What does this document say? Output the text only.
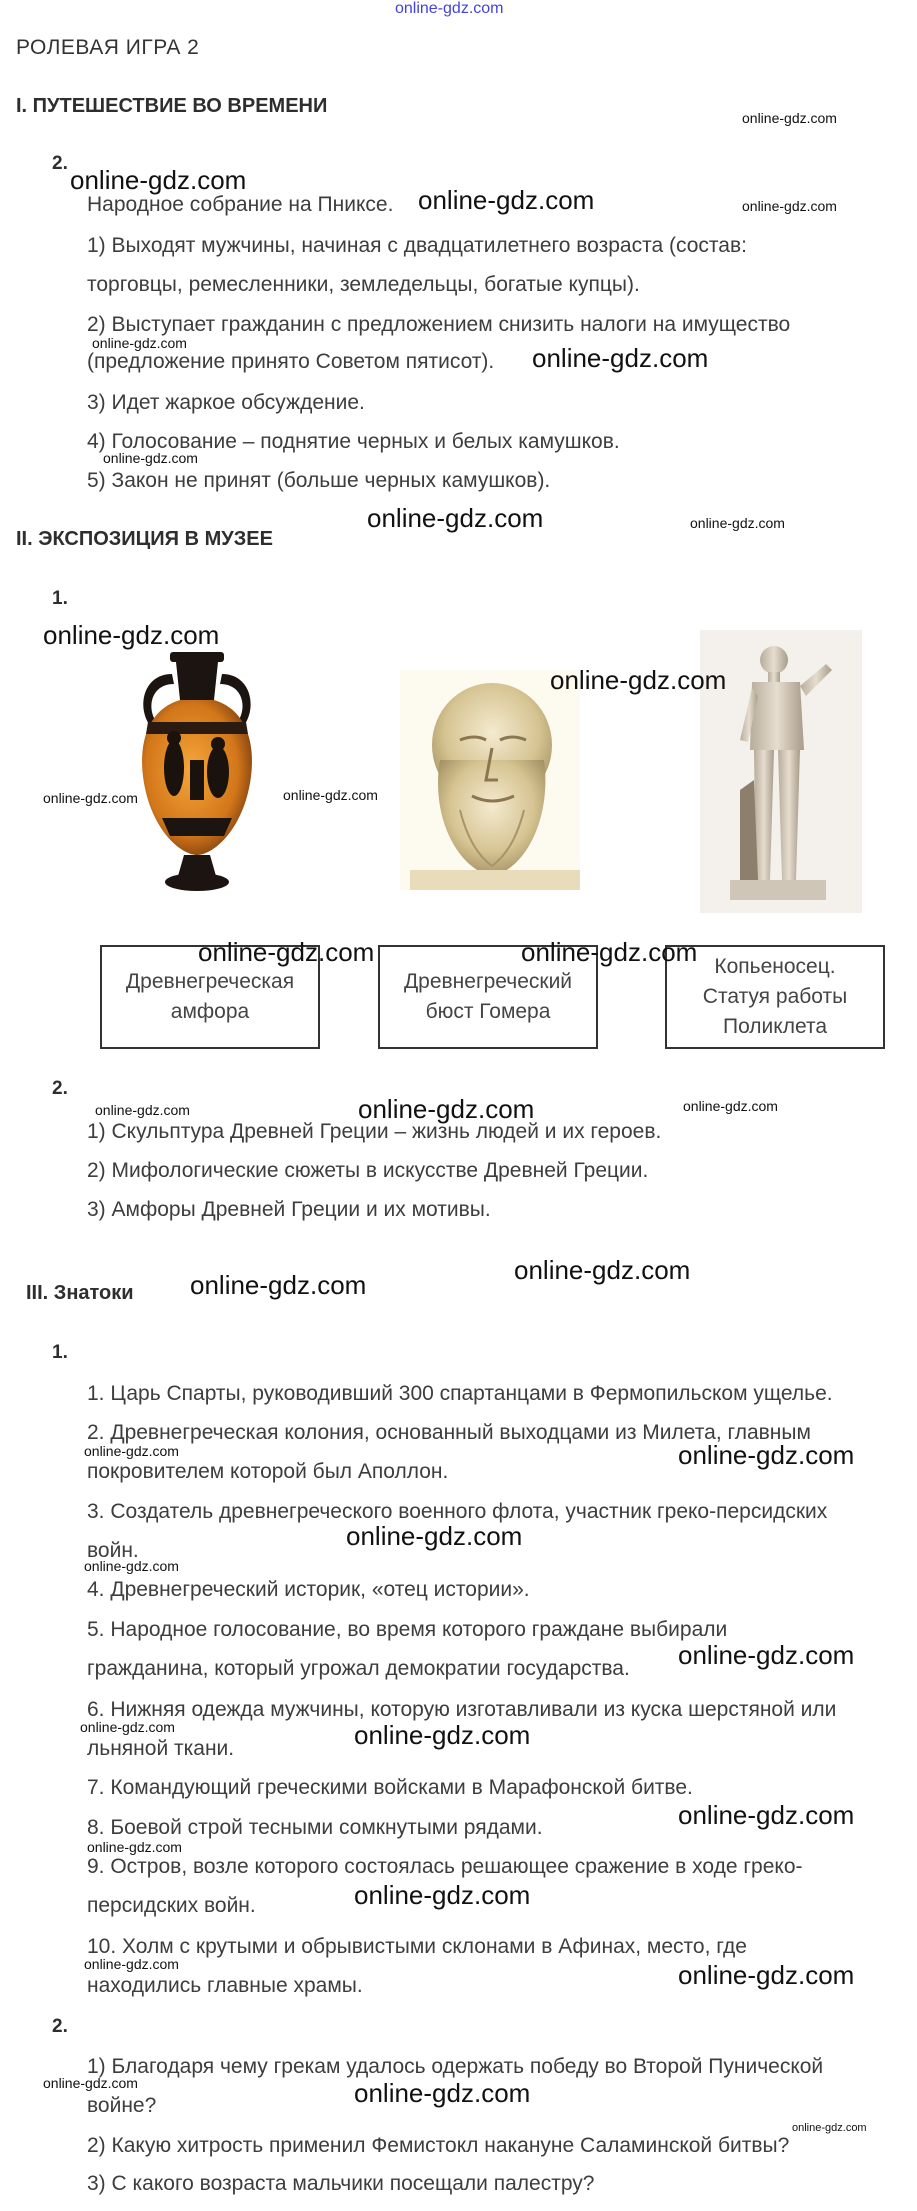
online-gdz.com
РОЛЕВАЯ ИГРА 2
I. ПУТЕШЕСТВИЕ ВО ВРЕМЕНИ
2.
Народное собрание на Пниксе.
1) Выходят мужчины, начиная с двадцатилетнего возраста (состав:
торговцы, ремесленники, земледельцы, богатые купцы).
2) Выступает гражданин с предложением снизить налоги на имущество
(предложение принято Советом пятисот).
3) Идет жаркое обсуждение.
4) Голосование – поднятие черных и белых камушков.
5) Закон не принят (больше черных камушков).
II. ЭКСПОЗИЦИЯ В МУЗЕЕ
1.
Древнегреческая
амфора
Древнегреческий
бюст Гомера
Копьеносец.
Статуя работы
Поликлета
2.
1) Скульптура Древней Греции – жизнь людей и их героев.
2) Мифологические сюжеты в искусстве Древней Греции.
3) Амфоры Древней Греции и их мотивы.
III. Знатоки
1.
1. Царь Спарты, руководивший 300 спартанцами в Фермопильском ущелье.
2. Древнегреческая колония, основанный выходцами из Милета, главным
покровителем которой был Аполлон.
3. Создатель древнегреческого военного флота, участник греко-персидских
войн.
4. Древнегреческий историк, «отец истории».
5. Народное голосование, во время которого граждане выбирали
гражданина, который угрожал демократии государства.
6. Нижняя одежда мужчины, которую изготавливали из куска шерстяной или
льняной ткани.
7. Командующий греческими войсками в Марафонской битве.
8. Боевой строй тесными сомкнутыми рядами.
9. Остров, возле которого состоялась решающее сражение в ходе греко-
персидских войн.
10. Холм с крутыми и обрывистыми склонами в Афинах, место, где
находились главные храмы.
2.
1) Благодаря чему грекам удалось одержать победу во Второй Пунической
войне?
2) Какую хитрость применил Фемистокл накануне Саламинской битвы?
3) С какого возраста мальчики посещали палестру?
online-gdz.com
online-gdz.com
online-gdz.com	online-gdz.com
online-gdz.com	online-gdz.com
online-gdz.com
online-gdz.com	online-gdz.com
online-gdz.com
online-gdz.com
online-gdz.com	online-gdz.com
online-gdz.com	online-gdz.com
online-gdz.com	online-gdz.com	online-gdz.com
online-gdz.com
online-gdz.com
online-gdz.com	online-gdz.com
online-gdz.com
online-gdz.com
online-gdz.com
online-gdz.com	online-gdz.com
online-gdz.com
online-gdz.com
online-gdz.com
online-gdz.com	online-gdz.com
online-gdz.com	online-gdz.com
online-gdz.com
